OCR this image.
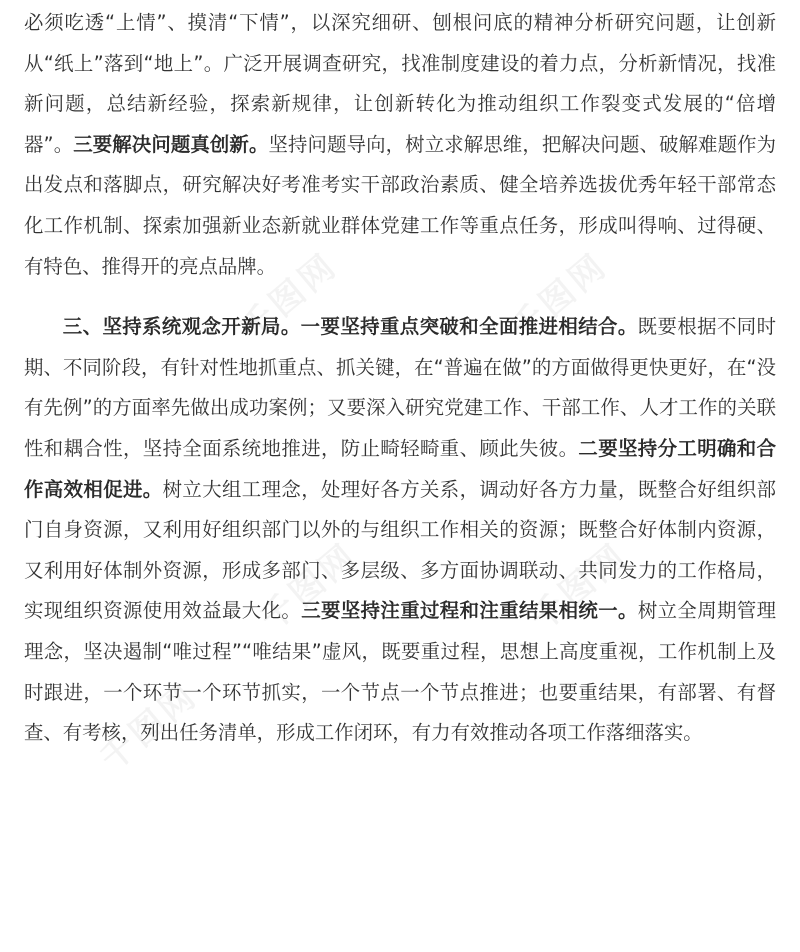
必须吃透“上情”、摸清“下情”，以深究细研、刨根问底的精神分析研究问题，让创新从“纸上”落到“地上”。广泛开展调查研究，找准制度建设的着力点，分析新情况，找准新问题，总结新经验，探索新规律，让创新转化为推动组织工作裂变式发展的“倍增器”。三要解决问题真创新。坚持问题导向，树立求解思维，把解决问题、破解难题作为出发点和落脚点，研究解决好考准考实干部政治素质、健全培养选拔优秀年轻干部常态化工作机制、探索加强新业态新就业群体党建工作等重点任务，形成叫得响、过得硬、有特色、推得开的亮点品牌。

三、坚持系统观念开新局。一要坚持重点突破和全面推进相结合。既要根据不同时期、不同阶段，有针对性地抓重点、抓关键，在“普遍在做”的方面做得更快更好，在“没有先例”的方面率先做出成功案例；又要深入研究党建工作、干部工作、人才工作的关联性和耦合性，坚持全面系统地推进，防止畸轻畸重、顾此失彼。二要坚持分工明确和合作高效相促进。树立大组工理念，处理好各方关系，调动好各方力量，既整合好组织部门自身资源，又利用好组织部门以外的与组织工作相关的资源；既整合好体制内资源，又利用好体制外资源，形成多部门、多层级、多方面协调联动、共同发力的工作格局，实现组织资源使用效益最大化。三要坚持注重过程和注重结果相统一。树立全周期管理理念，坚决遏制“唯过程”“唯结果”虚风，既要重过程，思想上高度重视，工作机制上及时跟进，一个环节一个环节抓实，一个节点一个节点推进；也要重结果，有部署、有督查、有考核，列出任务清单，形成工作闭环，有力有效推动各项工作落细落实。
